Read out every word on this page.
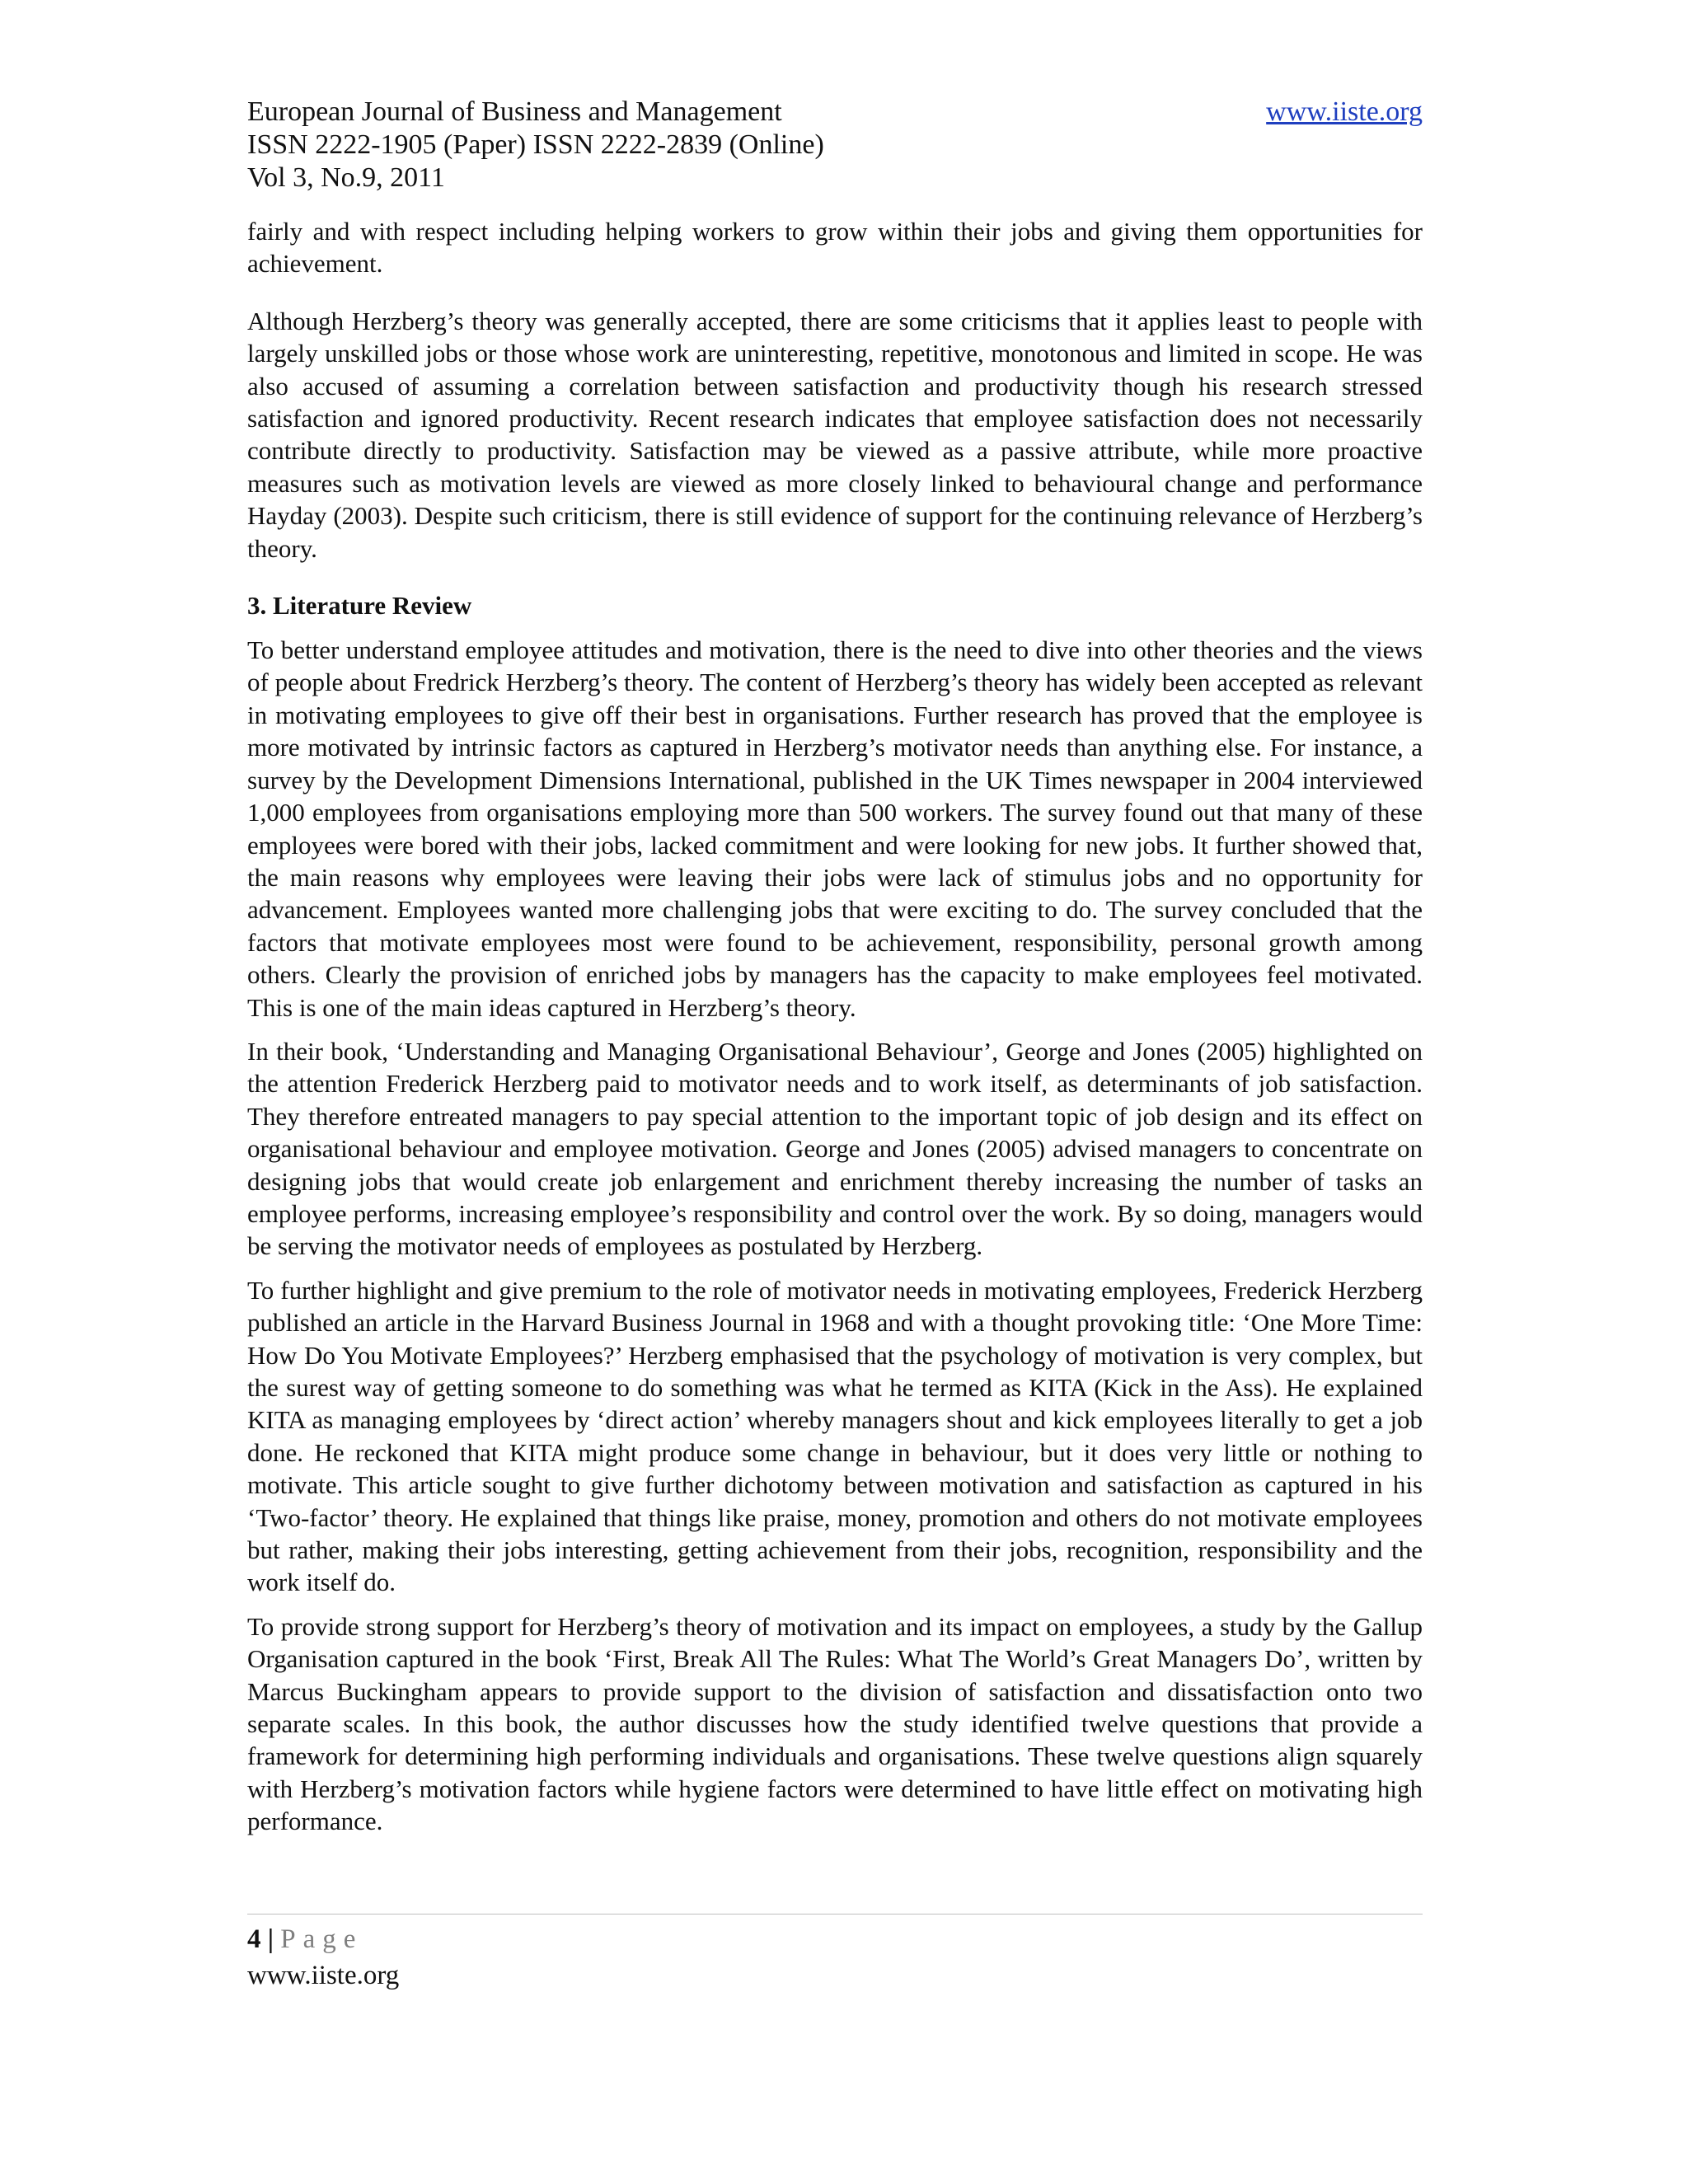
European Journal of Business and Management	www.iiste.org
ISSN 2222-1905 (Paper) ISSN 2222-2839 (Online)
Vol 3, No.9, 2011

fairly and with respect including helping workers to grow within their jobs and giving them opportunities for achievement.

Although Herzberg’s theory was generally accepted, there are some criticisms that it applies least to people with largely unskilled jobs or those whose work are uninteresting, repetitive, monotonous and limited in scope. He was also accused of assuming a correlation between satisfaction and productivity though his research stressed satisfaction and ignored productivity. Recent research indicates that employee satisfaction does not necessarily contribute directly to productivity. Satisfaction may be viewed as a passive attribute, while more proactive measures such as motivation levels are viewed as more closely linked to behavioural change and performance Hayday (2003). Despite such criticism, there is still evidence of support for the continuing relevance of Herzberg’s theory.

3. Literature Review

To better understand employee attitudes and motivation, there is the need to dive into other theories and the views of people about Fredrick Herzberg’s theory. The content of Herzberg’s theory has widely been accepted as relevant in motivating employees to give off their best in organisations. Further research has proved that the employee is more motivated by intrinsic factors as captured in Herzberg’s motivator needs than anything else. For instance, a survey by the Development Dimensions International, published in the UK Times newspaper in 2004 interviewed 1,000 employees from organisations employing more than 500 workers. The survey found out that many of these employees were bored with their jobs, lacked commitment and were looking for new jobs. It further showed that, the main reasons why employees were leaving their jobs were lack of stimulus jobs and no opportunity for advancement. Employees wanted more challenging jobs that were exciting to do. The survey concluded that the factors that motivate employees most were found to be achievement, responsibility, personal growth among others. Clearly the provision of enriched jobs by managers has the capacity to make employees feel motivated. This is one of the main ideas captured in Herzberg’s theory.

In their book, ‘Understanding and Managing Organisational Behaviour’, George and Jones (2005) highlighted on the attention Frederick Herzberg paid to motivator needs and to work itself, as determinants of job satisfaction. They therefore entreated managers to pay special attention to the important topic of job design and its effect on organisational behaviour and employee motivation. George and Jones (2005) advised managers to concentrate on designing jobs that would create job enlargement and enrichment thereby increasing the number of tasks an employee performs, increasing employee’s responsibility and control over the work. By so doing, managers would be serving the motivator needs of employees as postulated by Herzberg.

To further highlight and give premium to the role of motivator needs in motivating employees, Frederick Herzberg published an article in the Harvard Business Journal in 1968 and with a thought provoking title: ‘One More Time: How Do You Motivate Employees?’ Herzberg emphasised that the psychology of motivation is very complex, but the surest way of getting someone to do something was what he termed as KITA (Kick in the Ass). He explained KITA as managing employees by ‘direct action’ whereby managers shout and kick employees literally to get a job done. He reckoned that KITA might produce some change in behaviour, but it does very little or nothing to motivate. This article sought to give further dichotomy between motivation and satisfaction as captured in his ‘Two-factor’ theory. He explained that things like praise, money, promotion and others do not motivate employees but rather, making their jobs interesting, getting achievement from their jobs, recognition, responsibility and the work itself do.

To provide strong support for Herzberg’s theory of motivation and its impact on employees, a study by the Gallup Organisation captured in the book ‘First, Break All The Rules: What The World’s Great Managers Do’, written by Marcus Buckingham appears to provide support to the division of satisfaction and dissatisfaction onto two separate scales. In this book, the author discusses how the study identified twelve questions that provide a framework for determining high performing individuals and organisations. These twelve questions align squarely with Herzberg’s motivation factors while hygiene factors were determined to have little effect on motivating high performance.

4 | Page
www.iiste.org
